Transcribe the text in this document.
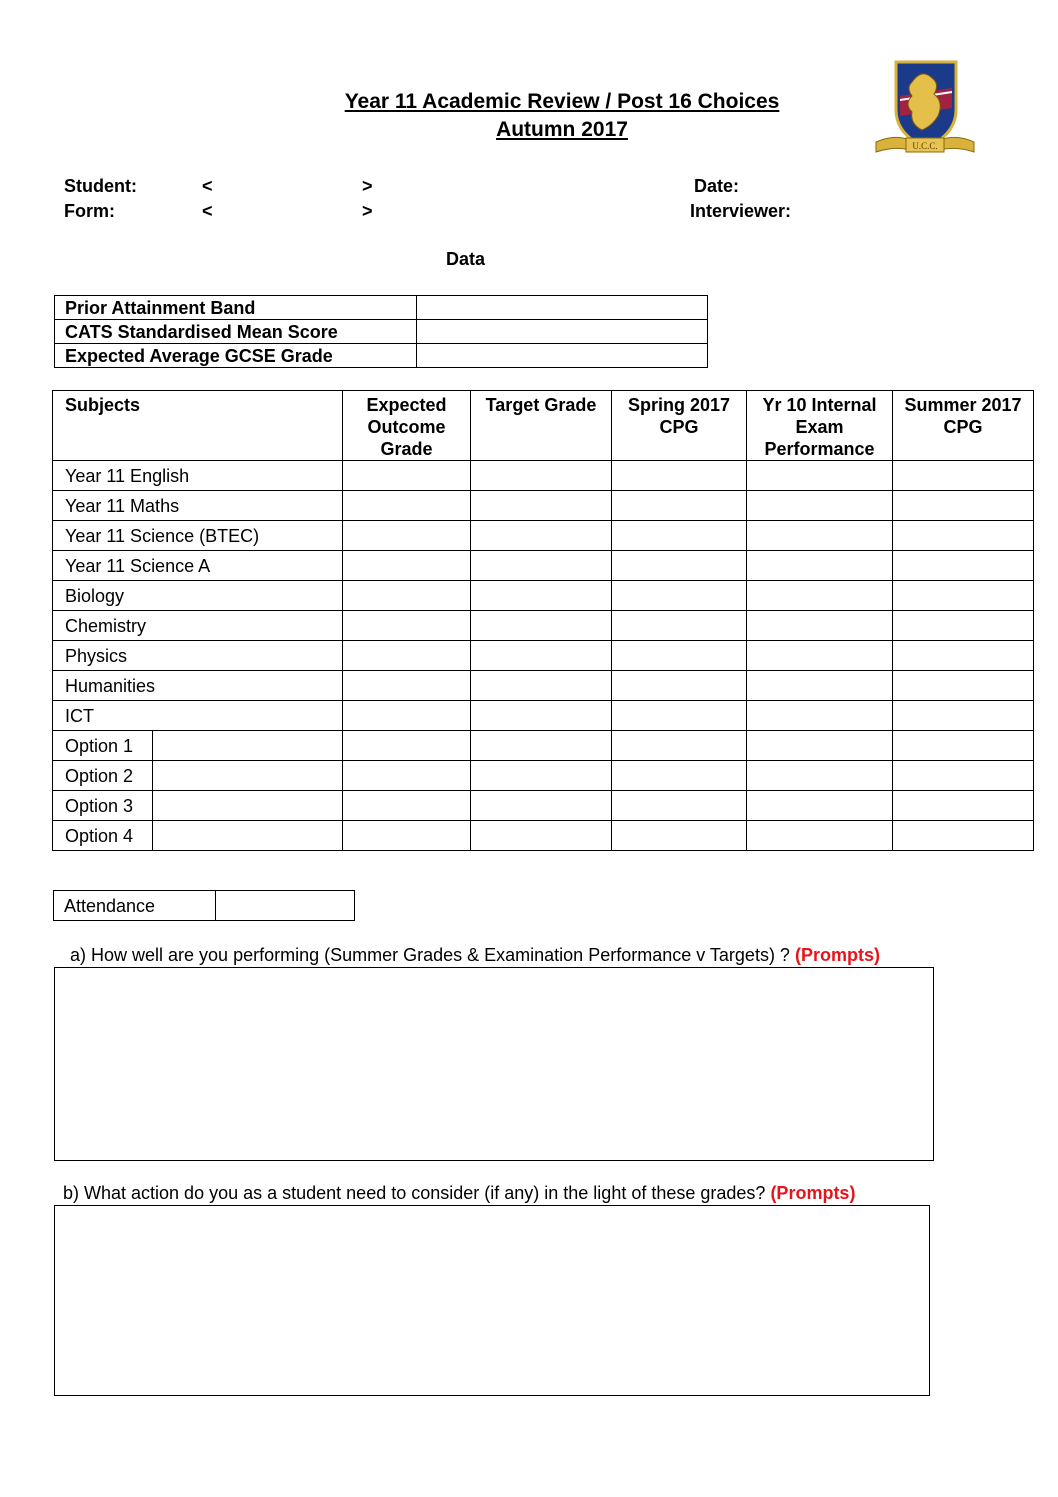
Year 11 Academic Review / Post 16 Choices
Autumn 2017
U.C.C.
Student:	<	>
Form:	<	>
Date:
Interviewer:
Data
Prior Attainment Band	
CATS Standardised Mean Score	
Expected Average GCSE Grade	
Subjects		Expected Outcome Grade	Target Grade	Spring 2017 CPG	Yr 10 Internal Exam Performance	Summer 2017 CPG
Year 11 English						
Year 11 Maths						
Year 11 Science (BTEC)						
Year 11 Science A						
Biology						
Chemistry						
Physics						
Humanities						
ICT						
Option 1						
Option 2						
Option 3						
Option 4						
Attendance	
a) How well are you performing (Summer Grades & Examination Performance v Targets) ? (Prompts)
b) What action do you as a student need to consider (if any) in the light of these grades? (Prompts)
